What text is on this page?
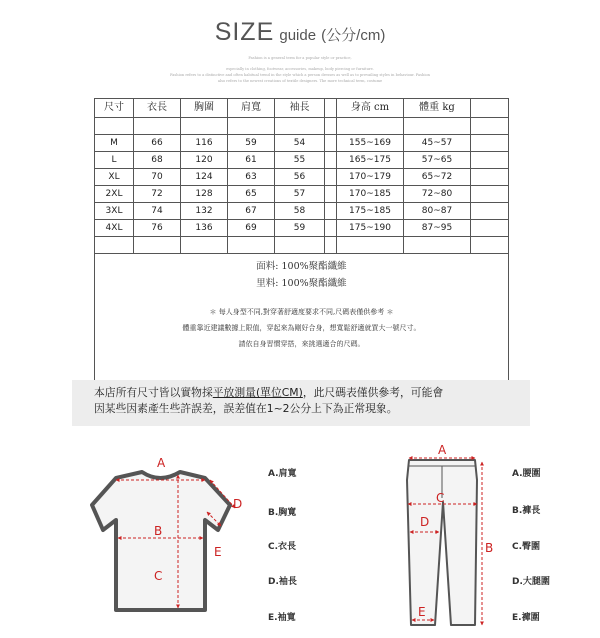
SIZE guide (公分/cm)
Fashion is a general term for a popular style or practice,
especially in clothing, footwear, accessories, makeup, body piercing or furniture.
Fashion refers to a distinctive and often habitual trend in the style which a person dresses as well as to prevailing styles in behaviour. Fashion
also refers to the newest creations of textile designers. The more technical term, costume
尺寸	衣長	胸圍	肩寬	袖長		身高 cm	體重 kg	

M	66	116	59	54		155~169	45~57	
L	68	120	61	55		165~175	57~65	
XL	70	124	63	56		170~179	65~72	
2XL	72	128	65	57		170~185	72~80	
3XL	74	132	67	58		175~185	80~87	
4XL	76	136	69	59		175~190	87~95	

面料: 100%聚酯纖維
里料: 100%聚酯纖維
＊ 每人身型不同,對穿著舒適度要求不同,尺碼表僅供參考 ＊
體重靠近建議數據上限值，穿起來為剛好合身，想寬鬆舒適就買大一號尺寸。
請依自身習慣穿搭，來挑選適合的尺碼。								
本店所有尺寸皆以實物採平放測量(單位CM)，此尺碼表僅供參考，可能會
因某些因素產生些許誤差，誤差值在1~2公分上下為正常現象。
A
B
C
D
E
A.肩寬
B.胸寬
C.衣長
D.袖長
E.袖寬
A
C
D
B
E
A.腰圍
B.褲長
C.臀圍
D.大腿圍
E.褲圍
